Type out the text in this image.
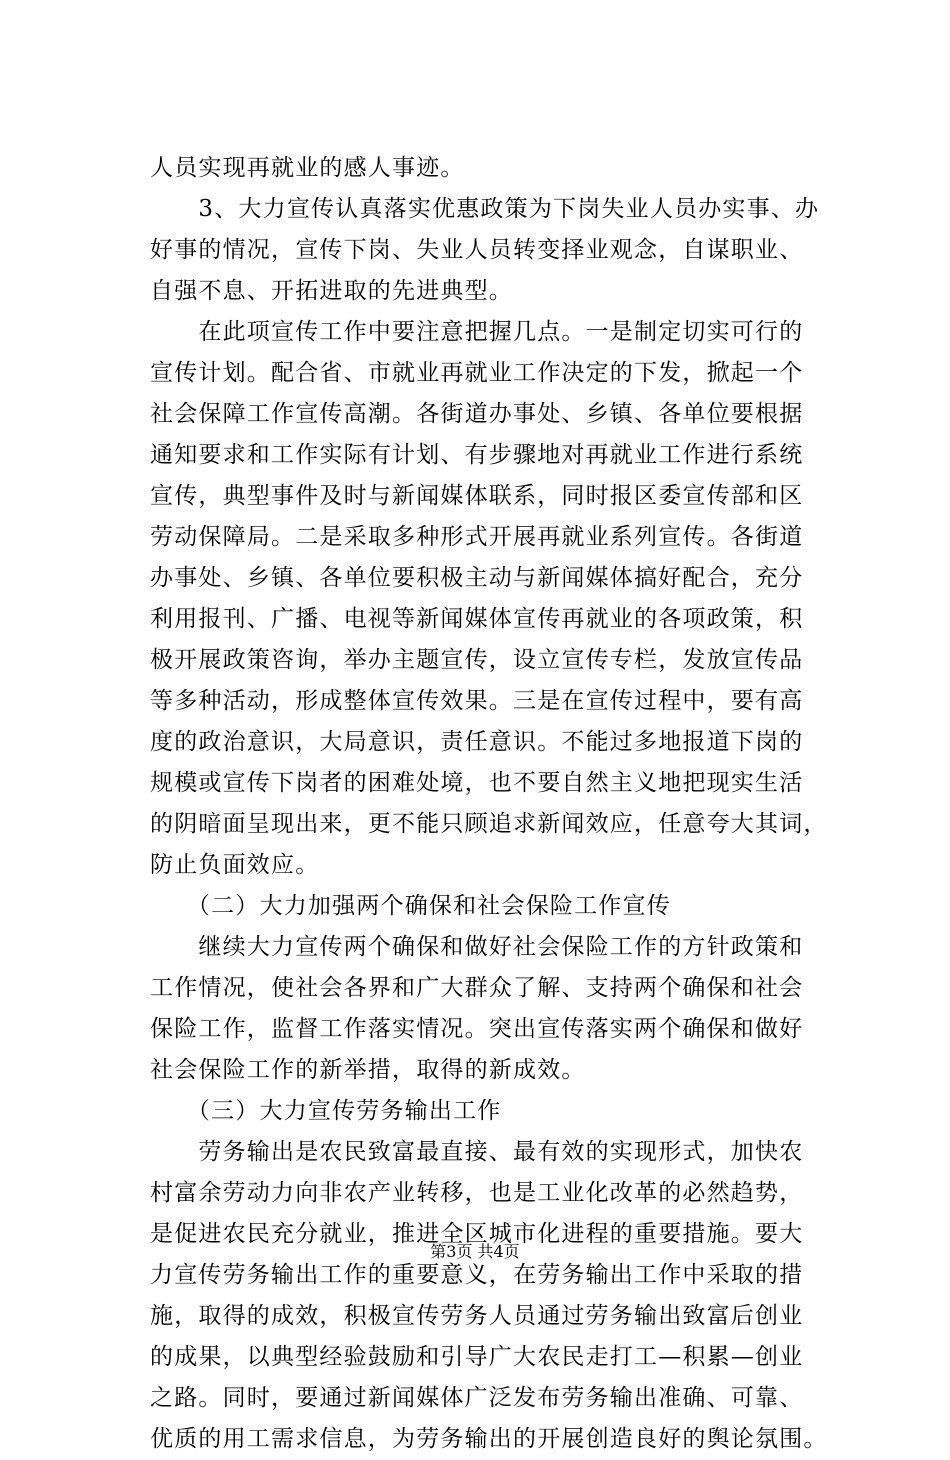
人员实现再就业的感人事迹。
　　3、大力宣传认真落实优惠政策为下岗失业人员办实事、办
好事的情况，宣传下岗、失业人员转变择业观念，自谋职业、
自强不息、开拓进取的先进典型。
　　在此项宣传工作中要注意把握几点。一是制定切实可行的
宣传计划。配合省、市就业再就业工作决定的下发，掀起一个
社会保障工作宣传高潮。各街道办事处、乡镇、各单位要根据
通知要求和工作实际有计划、有步骤地对再就业工作进行系统
宣传，典型事件及时与新闻媒体联系，同时报区委宣传部和区
劳动保障局。二是采取多种形式开展再就业系列宣传。各街道
办事处、乡镇、各单位要积极主动与新闻媒体搞好配合，充分
利用报刊、广播、电视等新闻媒体宣传再就业的各项政策，积
极开展政策咨询，举办主题宣传，设立宣传专栏，发放宣传品
等多种活动，形成整体宣传效果。三是在宣传过程中，要有高
度的政治意识，大局意识，责任意识。不能过多地报道下岗的
规模或宣传下岗者的困难处境，也不要自然主义地把现实生活
的阴暗面呈现出来，更不能只顾追求新闻效应，任意夸大其词，
防止负面效应。
　　（二）大力加强两个确保和社会保险工作宣传
　　继续大力宣传两个确保和做好社会保险工作的方针政策和
工作情况，使社会各界和广大群众了解、支持两个确保和社会
保险工作，监督工作落实情况。突出宣传落实两个确保和做好
社会保险工作的新举措，取得的新成效。
　　（三）大力宣传劳务输出工作
　　劳务输出是农民致富最直接、最有效的实现形式，加快农
村富余劳动力向非农产业转移，也是工业化改革的必然趋势，
是促进农民充分就业，推进全区城市化进程的重要措施。要大
力宣传劳务输出工作的重要意义，在劳务输出工作中采取的措
施，取得的成效，积极宣传劳务人员通过劳务输出致富后创业
的成果，以典型经验鼓励和引导广大农民走打工—积累—创业
之路。同时，要通过新闻媒体广泛发布劳务输出准确、可靠、
优质的用工需求信息，为劳务输出的开展创造良好的舆论氛围。
第3页 共4页
